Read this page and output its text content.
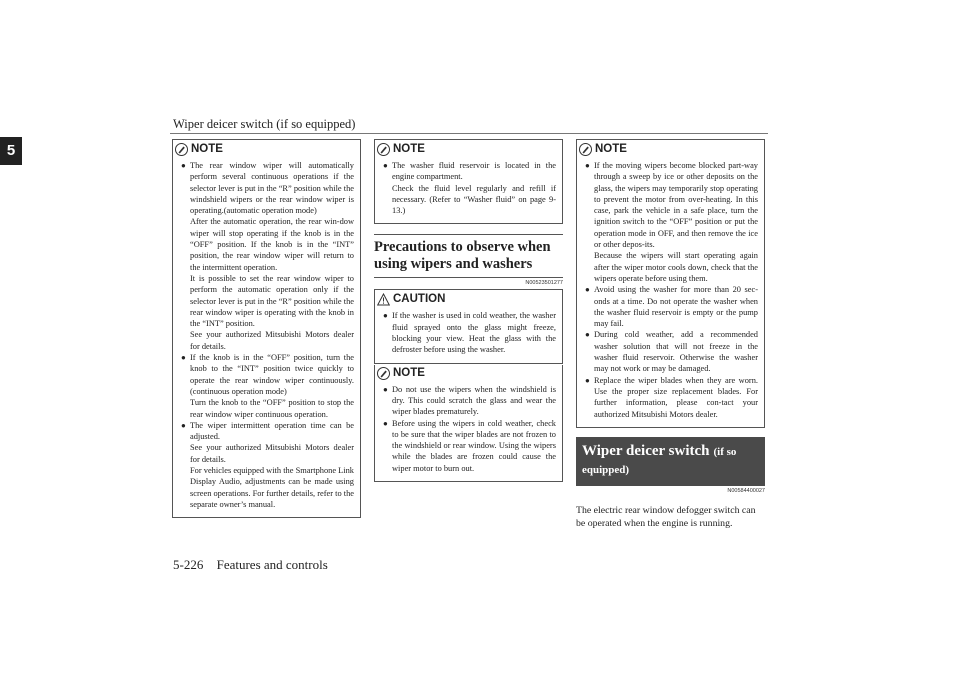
Wiper deicer switch (if so equipped)
5	NOTE
● The rear window wiper will automatically perform several continuous operations if the selector lever is put in the “R” position while the windshield wipers or the rear window wiper is operating.(automatic operation mode)
After the automatic operation, the rear win-dow wiper will stop operating if the knob is in the “OFF” position. If the knob is in the “INT” position, the rear window wiper will return to the intermittent operation.
It is possible to set the rear window wiper to perform the automatic operation only if the selector lever is put in the “R” position while the rear window wiper is operating with the knob in the “INT” position.
See your authorized Mitsubishi Motors dealer for details.
● If the knob is in the “OFF” position, turn the knob to the “INT” position twice quickly to operate the rear window wiper continuously. (continuous operation mode)
Turn the knob to the “OFF” position to stop the rear window wiper continuous operation.
● The wiper intermittent operation time can be adjusted.
See your authorized Mitsubishi Motors dealer for details.
For vehicles equipped with the Smartphone Link Display Audio, adjustments can be made using screen operations. For further details, refer to the separate owner’s manual.
NOTE
● The washer fluid reservoir is located in the engine compartment.
Check the fluid level regularly and refill if necessary. (Refer to “Washer fluid” on page 9-13.)
Precautions to observe when using wipers and washers
N00523501277
CAUTION
● If the washer is used in cold weather, the washer fluid sprayed onto the glass might freeze, blocking your view. Heat the glass with the defroster before using the washer.
NOTE
● Do not use the wipers when the windshield is dry. This could scratch the glass and wear the wiper blades prematurely.
● Before using the wipers in cold weather, check to be sure that the wiper blades are not frozen to the windshield or rear window. Using the wipers while the blades are frozen could cause the wiper motor to burn out.
NOTE
● If the moving wipers become blocked part-way through a sweep by ice or other deposits on the glass, the wipers may temporarily stop operating to prevent the motor from over-heating. In this case, park the vehicle in a safe place, turn the ignition switch to the “OFF” position or put the operation mode in OFF, and then remove the ice or other depos-its.
Because the wipers will start operating again after the wiper motor cools down, check that the wipers operate before using them.
● Avoid using the washer for more than 20 sec-onds at a time. Do not operate the washer when the washer fluid reservoir is empty or the pump may fail.
● During cold weather, add a recommended washer solution that will not freeze in the washer fluid reservoir. Otherwise the washer may not work or may be damaged.
● Replace the wiper blades when they are worn. Use the proper size replacement blades. For further information, please con-tact your authorized Mitsubishi Motors dealer.
Wiper deicer switch (if so equipped)
N00584400027
The electric rear window defogger switch can be operated when the engine is running.
5-226 Features and controls
